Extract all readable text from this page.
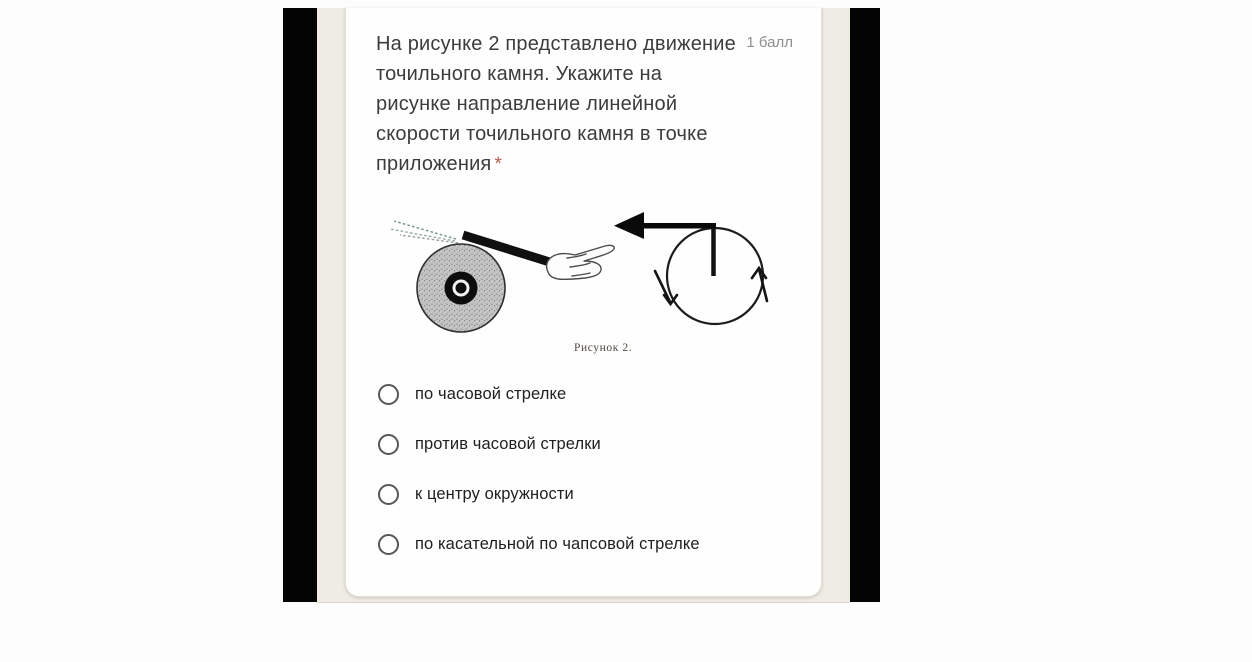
1 балл
На рисунке 2 представлено движение
точильного камня. Укажите на
рисунке направление линейной
скорости точильного камня в точке
приложения *
Рисунок 2.
по часовой стрелке
против часовой стрелки
к центру окружности
по касательной по чапсовой стрелке
